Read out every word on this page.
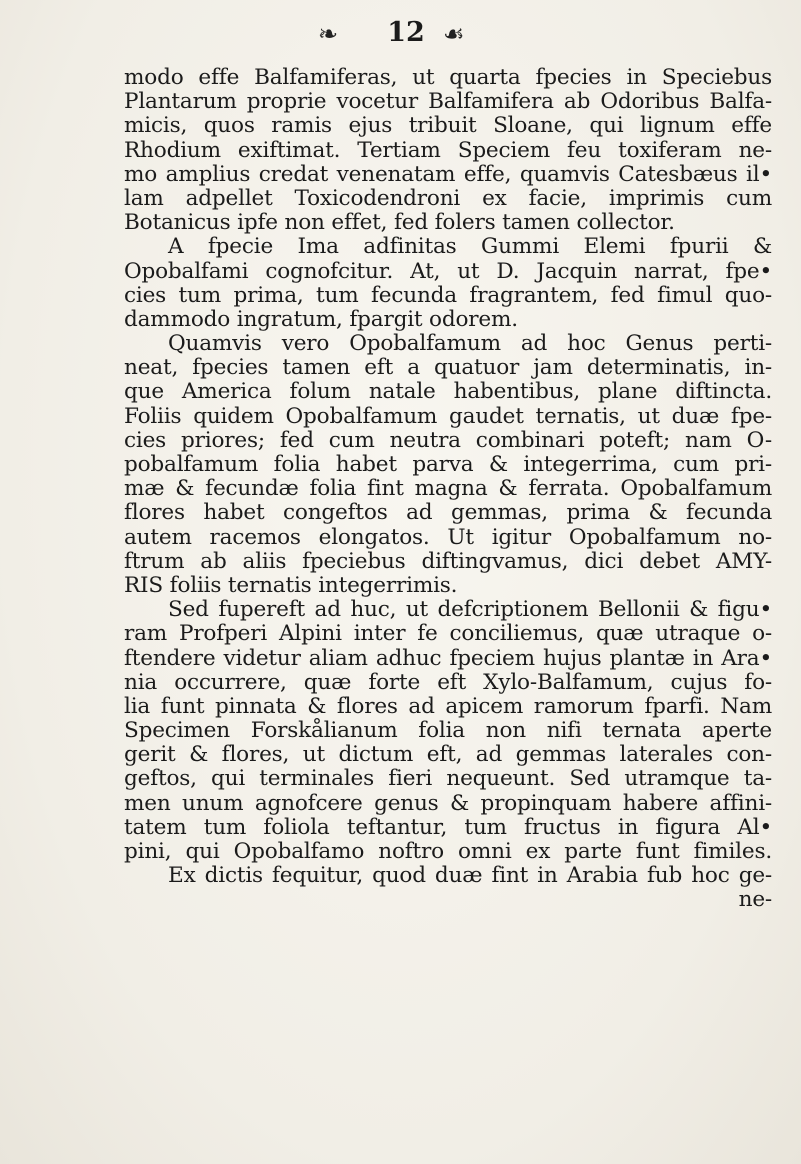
❧ 12 ☙
modo effe Balfamiferas, ut quarta fpecies in Speciebus
Plantarum proprie vocetur Balfamifera ab Odoribus Balfa-
micis, quos ramis ejus tribuit Sloane, qui lignum effe
Rhodium exiftimat. Tertiam Speciem feu toxiferam ne-
mo amplius credat venenatam effe, quamvis Catesbæus il•
lam adpellet Toxicodendroni ex facie, imprimis cum
Botanicus ipfe non effet, fed folers tamen collector.
A fpecie Ima adfinitas Gummi Elemi fpurii &
Opobalfami cognofcitur. At, ut D. Jacquin narrat, fpe•
cies tum prima, tum fecunda fragrantem, fed fimul quo-
dammodo ingratum, fpargit odorem.
Quamvis vero Opobalfamum ad hoc Genus perti-
neat, fpecies tamen eft a quatuor jam determinatis, in-
que America folum natale habentibus, plane diftincta.
Foliis quidem Opobalfamum gaudet ternatis, ut duæ fpe-
cies priores; fed cum neutra combinari poteft; nam O-
pobalfamum folia habet parva & integerrima, cum pri-
mæ & fecundæ folia fint magna & ferrata. Opobalfamum
flores habet congeftos ad gemmas, prima & fecunda
autem racemos elongatos. Ut igitur Opobalfamum no-
ftrum ab aliis fpeciebus diftingvamus, dici debet AMY-
RIS foliis ternatis integerrimis.
Sed fupereft ad huc, ut defcriptionem Bellonii & figu•
ram Profperi Alpini inter fe conciliemus, quæ utraque o-
ftendere videtur aliam adhuc fpeciem hujus plantæ in Ara•
nia occurrere, quæ forte eft Xylo-Balfamum, cujus fo-
lia funt pinnata & flores ad apicem ramorum fparfi. Nam
Specimen Forskålianum folia non nifi ternata aperte
gerit & flores, ut dictum eft, ad gemmas laterales con-
geftos, qui terminales fieri nequeunt. Sed utramque ta-
men unum agnofcere genus & propinquam habere affini-
tatem tum foliola teftantur, tum fructus in figura Al•
pini, qui Opobalfamo noftro omni ex parte funt fimiles.
Ex dictis fequitur, quod duæ fint in Arabia fub hoc ge-
ne-
